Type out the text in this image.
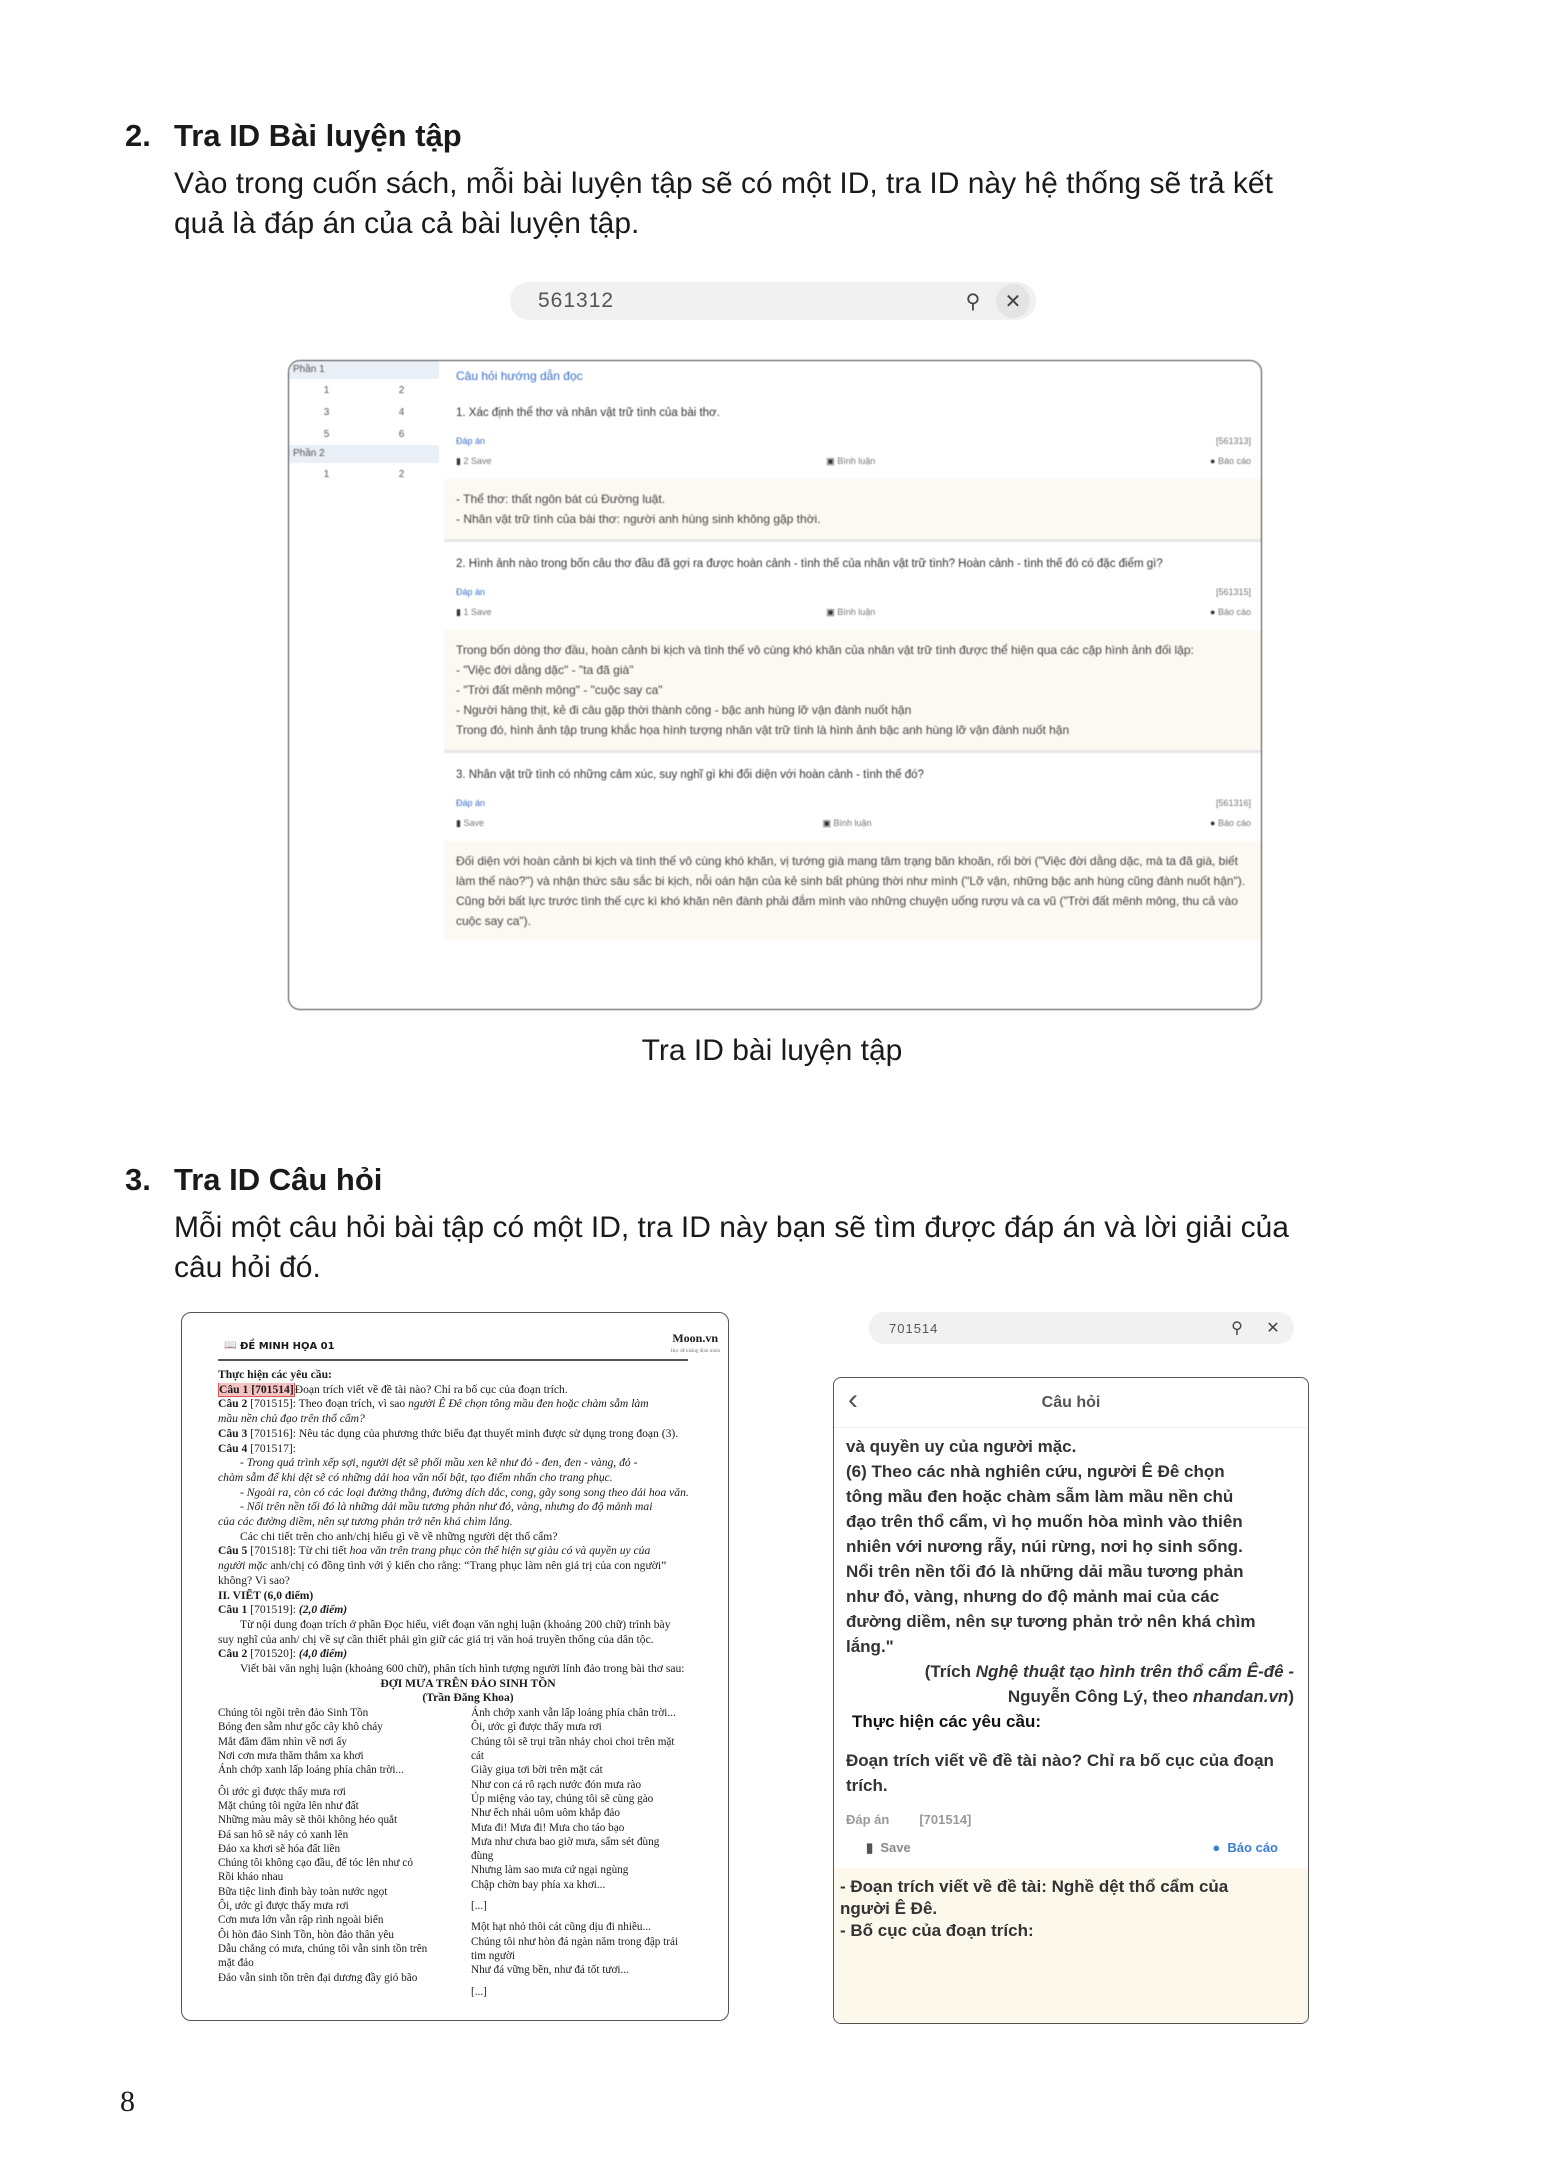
2. Tra ID Bài luyện tập
Vào trong cuốn sách, mỗi bài luyện tập sẽ có một ID, tra ID này hệ thống sẽ trả kết
quả là đáp án của cả bài luyện tập.
561312	⚲	✕
Phần 1
1	2
3	4
5	6
Phần 2
1	2
Câu hỏi hướng dẫn đọc
1. Xác định thể thơ và nhân vật trữ tình của bài thơ.
Đáp án	[561313]
▮ 2 Save	▣ Bình luận	● Báo cáo
- Thể thơ: thất ngôn bát cú Đường luật.
- Nhân vật trữ tình của bài thơ: người anh hùng sinh không gặp thời.
2. Hình ảnh nào trong bốn câu thơ đầu đã gợi ra được hoàn cảnh - tình thế của nhân vật trữ tình? Hoàn cảnh - tình thế đó có đặc điểm gì?
Đáp án	[561315]
▮ 1 Save	▣ Bình luận	● Báo cáo
Trong bốn dòng thơ đầu, hoàn cảnh bi kịch và tình thế vô cùng khó khăn của nhân vật trữ tình được thể hiện qua các cặp hình ảnh đối lập:
- "Việc đời dằng dặc" - "ta đã già"
- "Trời đất mênh mông" - "cuộc say ca"
- Người hàng thịt, kẻ đi câu gặp thời thành công - bậc anh hùng lỡ vận đành nuốt hận
Trong đó, hình ảnh tập trung khắc họa hình tượng nhân vật trữ tình là hình ảnh bậc anh hùng lỡ vận đành nuốt hận
3. Nhân vật trữ tình có những cảm xúc, suy nghĩ gì khi đối diện với hoàn cảnh - tình thế đó?
Đáp án	[561316]
▮ Save	▣ Bình luận	● Báo cáo
Đối diện với hoàn cảnh bi kịch và tình thế vô cùng khó khăn, vị tướng già mang tâm trạng băn khoăn, rối bời ("Việc đời dằng dặc, mà ta đã già, biết làm thế nào?") và nhận thức sâu sắc bi kịch, nỗi oán hận của kẻ sinh bất phùng thời như mình ("Lỡ vận, những bậc anh hùng cũng đành nuốt hận"). Cũng bởi bất lực trước tình thế cực kì khó khăn nên đành phải đắm mình vào những chuyện uống rượu và ca vũ ("Trời đất mênh mông, thu cả vào cuộc say ca").
Tra ID bài luyện tập
3. Tra ID Câu hỏi
Mỗi một câu hỏi bài tập có một ID, tra ID này bạn sẽ tìm được đáp án và lời giải của
câu hỏi đó.
📖 ĐỀ MINH HỌA 01
Moon.vn
Học để khẳng định mình
Thực hiện các yêu cầu:
Câu 1 [701514]Đoạn trích viết về đề tài nào? Chỉ ra bố cục của đoạn trích.
Câu 2 [701515]: Theo đoạn trích, vì sao người Ê Đê chọn tông mầu đen hoặc chàm sẫm làm
mầu nền chủ đạo trên thổ cẩm?
Câu 3 [701516]: Nêu tác dụng của phương thức biểu đạt thuyết minh được sử dụng trong đoạn (3).
Câu 4 [701517]:
- Trong quá trình xếp sợi, người dệt sẽ phối mầu xen kẽ như đỏ - đen, đen - vàng, đỏ -
chàm sẫm để khi dệt sẽ có những dải hoa văn nổi bật, tạo điểm nhấn cho trang phục.
- Ngoài ra, còn có các loại đường thẳng, đường dích dắc, cong, gãy song song theo dải hoa văn.
- Nổi trên nền tối đó là những dải mầu tương phản như đỏ, vàng, nhưng do độ mảnh mai
của các đường diềm, nên sự tương phản trở nên khá chìm lắng.
Các chi tiết trên cho anh/chị hiểu gì về về những người dệt thổ cẩm?
Câu 5 [701518]: Từ chi tiết hoa văn trên trang phục còn thể hiện sự giàu có và quyền uy của
người mặc anh/chị có đồng tình với ý kiến cho rằng: “Trang phục làm nên giá trị của con người”
không? Vì sao?
II. VIẾT (6,0 điểm)
Câu 1 [701519]: (2,0 điểm)
Từ nội dung đoạn trích ở phần Đọc hiểu, viết đoạn văn nghị luận (khoảng 200 chữ) trình bày
suy nghĩ của anh/ chị về sự cần thiết phải gìn giữ các giá trị văn hoá truyền thống của dân tộc.
Câu 2 [701520]: (4,0 điểm)
Viết bài văn nghị luận (khoảng 600 chữ), phân tích hình tượng người lính đảo trong bài thơ sau:
ĐỢI MƯA TRÊN ĐẢO SINH TỒN
(Trần Đăng Khoa)
Chúng tôi ngồi trên đảo Sinh Tồn
Bóng đen sẫm như gốc cây khô cháy
Mắt đăm đăm nhìn về nơi ấy
Nơi cơn mưa thăm thẳm xa khơi
Ánh chớp xanh lấp loáng phía chân trời...
Ôi ước gì được thấy mưa rơi
Mặt chúng tôi ngửa lên như đất
Những màu mây sẽ thôi không héo quắt
Đá san hô sẽ nảy cỏ xanh lên
Đảo xa khơi sẽ hóa đất liền
Chúng tôi không cạo đầu, để tóc lên như cỏ
Rồi kháo nhau
Bữa tiệc linh đình bày toàn nước ngọt
Ôi, ước gì được thấy mưa rơi
Cơn mưa lớn vẫn rập rình ngoài biển
Ôi hòn đảo Sinh Tồn, hòn đảo thân yêu
Dẫu chẳng có mưa, chúng tôi vẫn sinh tồn trên
mặt đảo
Đảo vẫn sinh tồn trên đại dương đầy gió bão
Ánh chớp xanh vẫn lấp loáng phía chân trời...
Ôi, ước gì được thấy mưa rơi
Chúng tôi sẽ trụi trần nhảy choi choi trên mặt
cát
Giãy giụa tơi bời trên mặt cát
Như con cá rô rạch nước đón mưa rào
Úp miệng vào tay, chúng tôi sẽ cùng gào
Như ếch nhái uôm uôm khắp đảo
Mưa đi! Mưa đi! Mưa cho táo bạo
Mưa như chưa bao giờ mưa, sấm sét đùng
đùng
Nhưng làm sao mưa cứ ngại ngùng
Chập chờn bay phía xa khơi...
[...]
Một hạt nhỏ thôi cát cũng dịu đi nhiều...
Chúng tôi như hòn đá ngàn năm trong đập trái
tim người
Như đá vững bền, như đá tốt tươi...
[...]
701514	⚲	✕
‹	Câu hỏi
và quyền uy của người mặc.
(6) Theo các nhà nghiên cứu, người Ê Đê chọn
tông mầu đen hoặc chàm sẫm làm mầu nền chủ
đạo trên thổ cẩm, vì họ muốn hòa mình vào thiên
nhiên với nương rẫy, núi rừng, nơi họ sinh sống.
Nổi trên nền tối đó là những dải mầu tương phản
như đỏ, vàng, nhưng do độ mảnh mai của các
đường diềm, nên sự tương phản trở nên khá chìm
lắng."
(Trích Nghệ thuật tạo hình trên thổ cẩm Ê-đê -
Nguyễn Công Lý, theo nhandan.vn)
Thực hiện các yêu cầu:
Đoạn trích viết về đề tài nào? Chỉ ra bố cục của đoạn trích.
Đáp án [701514]
▮ Save	● Báo cáo
- Đoạn trích viết về đề tài: Nghề dệt thổ cẩm của
người Ê Đê.
- Bố cục của đoạn trích:
8
